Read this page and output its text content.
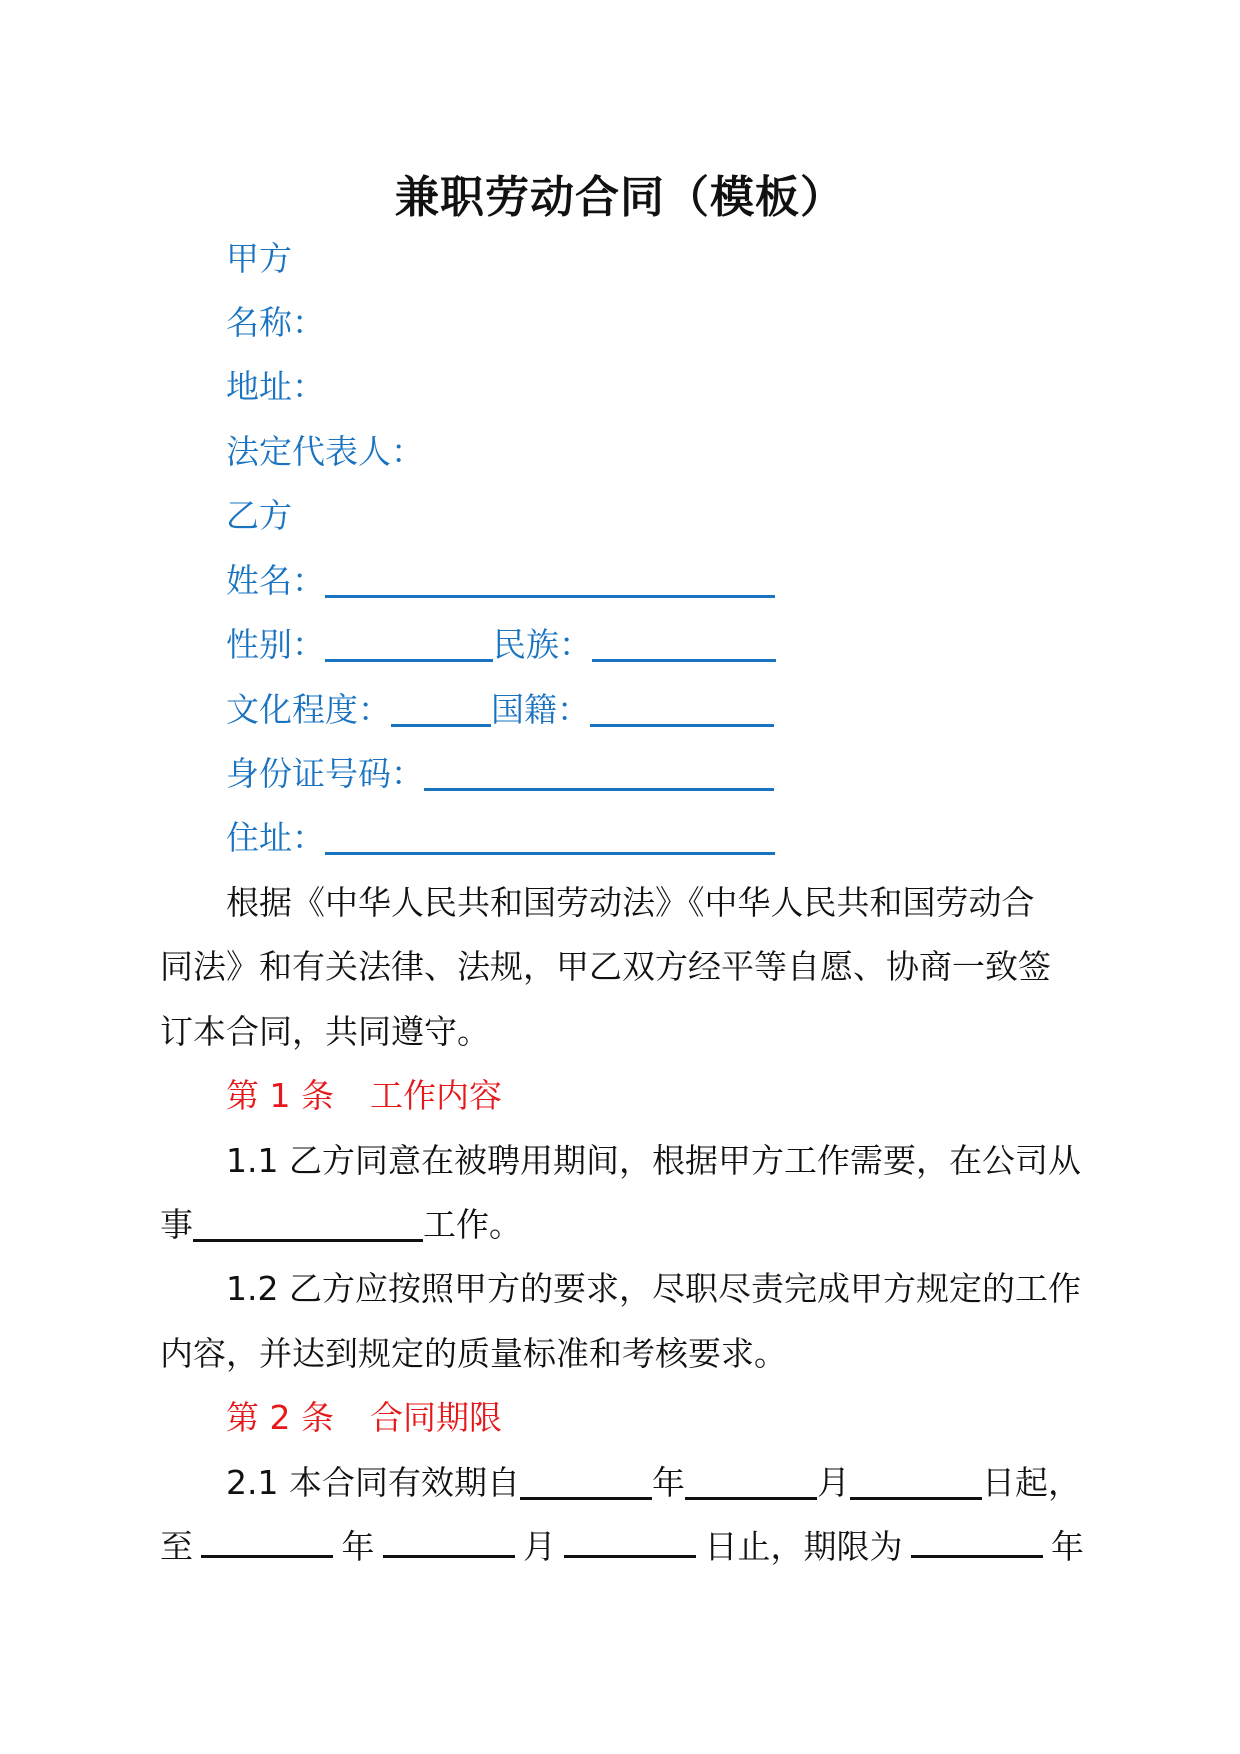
兼职劳动合同（模板）
甲方
名称：
地址：
法定代表人：
乙方
姓名：
性别：	民族：
文化程度：	国籍：
身份证号码：
住址：
根据《中华人民共和国劳动法》《中华人民共和国劳动合
同法》和有关法律、法规，甲乙双方经平等自愿、协商一致签
订本合同，共同遵守。
第 1 条 工作内容
1.1 乙方同意在被聘用期间，根据甲方工作需要，在公司从
事	工作。
1.2 乙方应按照甲方的要求，尽职尽责完成甲方规定的工作
内容，并达到规定的质量标准和考核要求。
第 2 条 合同期限
2.1 本合同有效期自	年	月	日起，
至	年	月	日止，期限为	年
